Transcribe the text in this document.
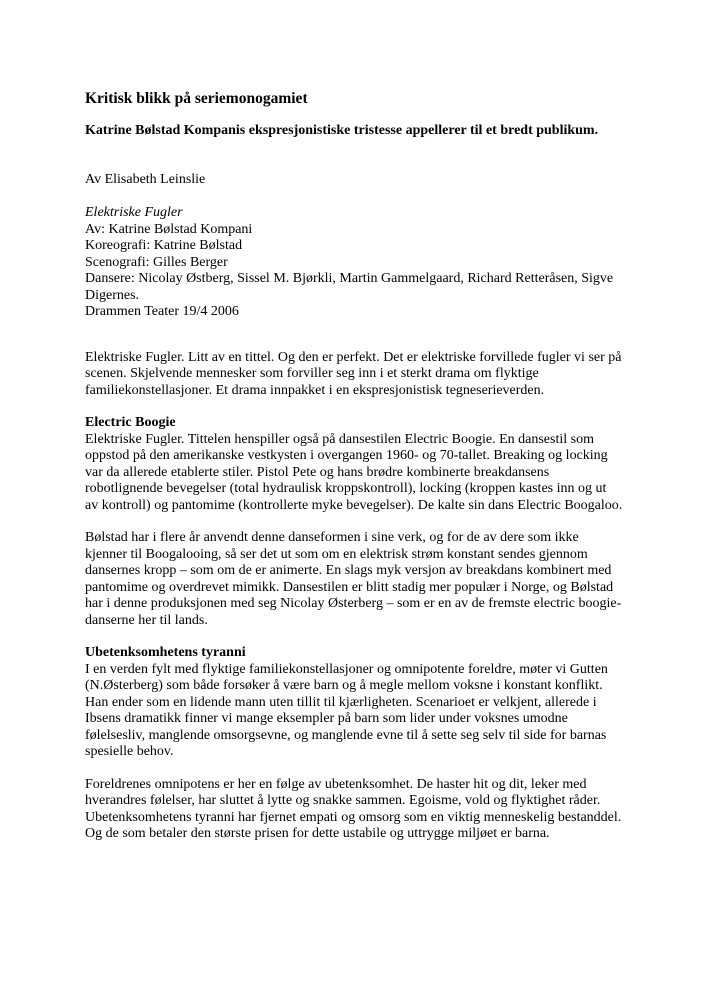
Kritisk blikk på seriemonogamiet

Katrine Bølstad Kompanis ekspresjonistiske tristesse appellerer til et bredt publikum.

Av Elisabeth Leinslie

Elektriske Fugler
Av: Katrine Bølstad Kompani
Koreografi: Katrine Bølstad
Scenografi: Gilles Berger
Dansere: Nicolay Østberg, Sissel M. Bjørkli, Martin Gammelgaard, Richard Retteråsen, Sigve Digernes.
Drammen Teater 19/4 2006

Elektriske Fugler. Litt av en tittel. Og den er perfekt. Det er elektriske forvillede fugler vi ser på scenen. Skjelvende mennesker som forviller seg inn i et sterkt drama om flyktige familiekonstellasjoner. Et drama innpakket i en ekspresjonistisk tegneserieverden.

Electric Boogie

Elektriske Fugler. Tittelen henspiller også på dansestilen Electric Boogie. En dansestil som oppstod på den amerikanske vestkysten i overgangen 1960- og 70-tallet. Breaking og locking var da allerede etablerte stiler. Pistol Pete og hans brødre kombinerte breakdansens robotlignende bevegelser (total hydraulisk kroppskontroll), locking (kroppen kastes inn og ut av kontroll) og pantomime (kontrollerte myke bevegelser). De kalte sin dans Electric Boogaloo.

Bølstad har i flere år anvendt denne danseformen i sine verk, og for de av dere som ikke kjenner til Boogalooing, så ser det ut som om en elektrisk strøm konstant sendes gjennom dansernes kropp – som om de er animerte. En slags myk versjon av breakdans kombinert med pantomime og overdrevet mimikk. Dansestilen er blitt stadig mer populær i Norge, og Bølstad har i denne produksjonen med seg Nicolay Østerberg – som er en av de fremste electric boogie-danserne her til lands.

Ubetenksomhetens tyranni

I en verden fylt med flyktige familiekonstellasjoner og omnipotente foreldre, møter vi Gutten (N.Østerberg) som både forsøker å være barn og å megle mellom voksne i konstant konflikt. Han ender som en lidende mann uten tillit til kjærligheten. Scenarioet er velkjent, allerede i Ibsens dramatikk finner vi mange eksempler på barn som lider under voksnes umodne følelsesliv, manglende omsorgsevne, og manglende evne til å sette seg selv til side for barnas spesielle behov.

Foreldrenes omnipotens er her en følge av ubetenksomhet. De haster hit og dit, leker med hverandres følelser, har sluttet å lytte og snakke sammen. Egoisme, vold og flyktighet råder. Ubetenksomhetens tyranni har fjernet empati og omsorg som en viktig menneskelig bestanddel. Og de som betaler den største prisen for dette ustabile og uttrygge miljøet er barna.
